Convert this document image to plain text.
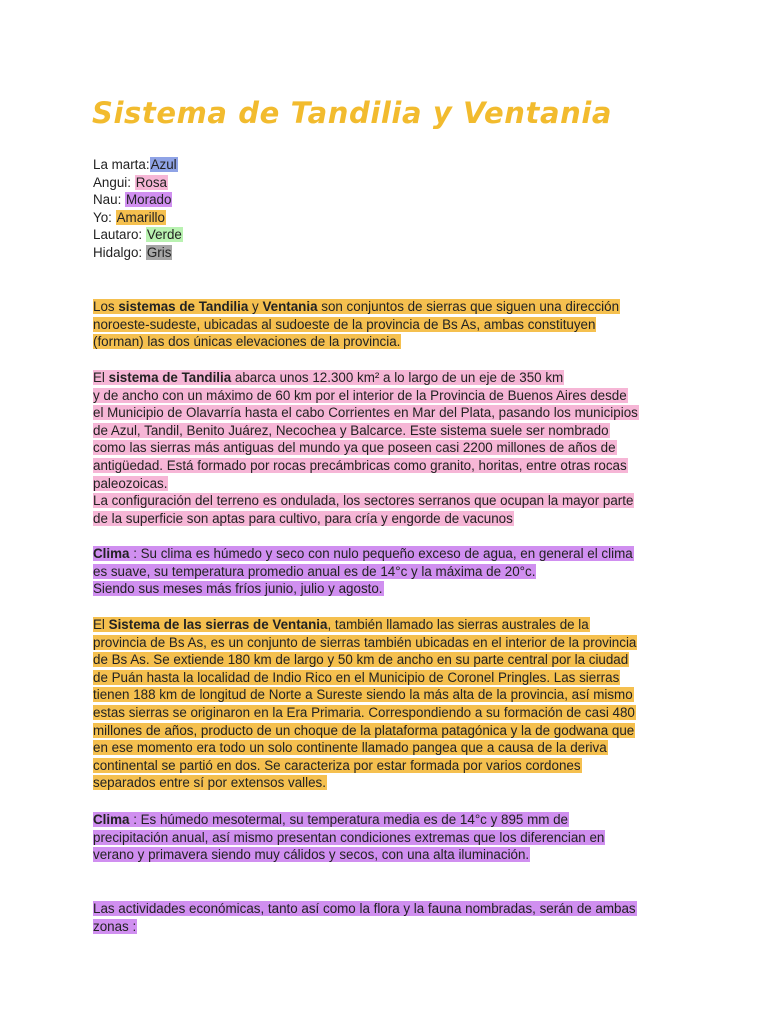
Sistema de Tandilia y Ventania
La marta:Azul
Angui: Rosa
Nau: Morado
Yo: Amarillo
Lautaro: Verde
Hidalgo: Gris
Los sistemas de Tandilia y Ventania son conjuntos de sierras que siguen una dirección
noroeste-sudeste, ubicadas al sudoeste de la provincia de Bs As, ambas constituyen
(forman) las dos únicas elevaciones de la provincia.
El sistema de Tandilia abarca unos 12.300 km² a lo largo de un eje de 350 km
y de ancho con un máximo de 60 km por el interior de la Provincia de Buenos Aires desde
el Municipio de Olavarría hasta el cabo Corrientes en Mar del Plata, pasando los municipios
de Azul, Tandil, Benito Juárez, Necochea y Balcarce. Este sistema suele ser nombrado
como las sierras más antiguas del mundo ya que poseen casi 2200 millones de años de
antigüedad. Está formado por rocas precámbricas como granito, horitas, entre otras rocas
paleozoicas.
La configuración del terreno es ondulada, los sectores serranos que ocupan la mayor parte
de la superficie son aptas para cultivo, para cría y engorde de vacunos
Clima : Su clima es húmedo y seco con nulo pequeño exceso de agua, en general el clima
es suave, su temperatura promedio anual es de 14°c y la máxima de 20°c.
Siendo sus meses más fríos junio, julio y agosto.
El Sistema de las sierras de Ventania, también llamado las sierras australes de la
provincia de Bs As, es un conjunto de sierras también ubicadas en el interior de la provincia
de Bs As. Se extiende 180 km de largo y 50 km de ancho en su parte central por la ciudad
de Puán hasta la localidad de Indio Rico en el Municipio de Coronel Pringles. Las sierras
tienen 188 km de longitud de Norte a Sureste siendo la más alta de la provincia, así mismo
estas sierras se originaron en la Era Primaria. Correspondiendo a su formación de casi 480
millones de años, producto de un choque de la plataforma patagónica y la de godwana que
en ese momento era todo un solo continente llamado pangea que a causa de la deriva
continental se partió en dos. Se caracteriza por estar formada por varios cordones
separados entre sí por extensos valles.
Clima : Es húmedo mesotermal, su temperatura media es de 14°c y 895 mm de
precipitación anual, así mismo presentan condiciones extremas que los diferencian en
verano y primavera siendo muy cálidos y secos, con una alta iluminación.
Las actividades económicas, tanto así como la flora y la fauna nombradas, serán de ambas
zonas :
